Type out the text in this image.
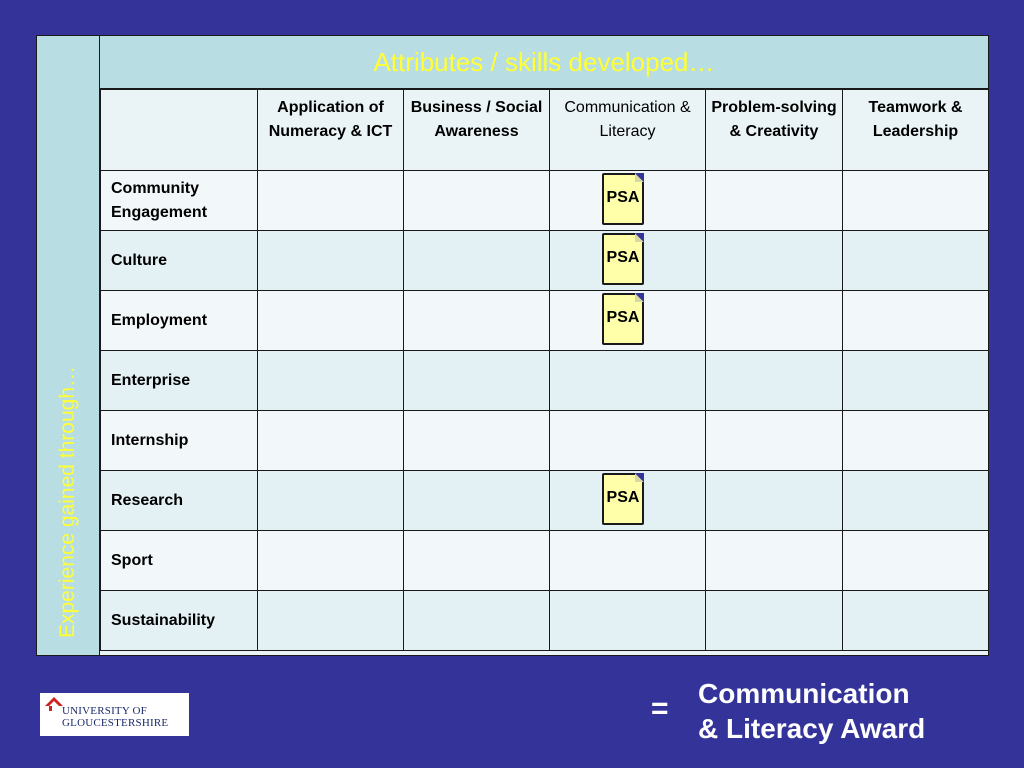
Experience gained through…
Attributes / skills developed…

	Application of Numeracy & ICT	Business / Social Awareness	Communication & Literacy	Problem-solving & Creativity	Teamwork & Leadership

Community Engagement			PSA		

Culture			PSA		

Employment			PSA		

Enterprise					

Internship					

Research			PSA		

Sport					

Sustainability					

UNIVERSITY OF
GLOUCESTERSHIRE	= Communication
& Literacy Award
